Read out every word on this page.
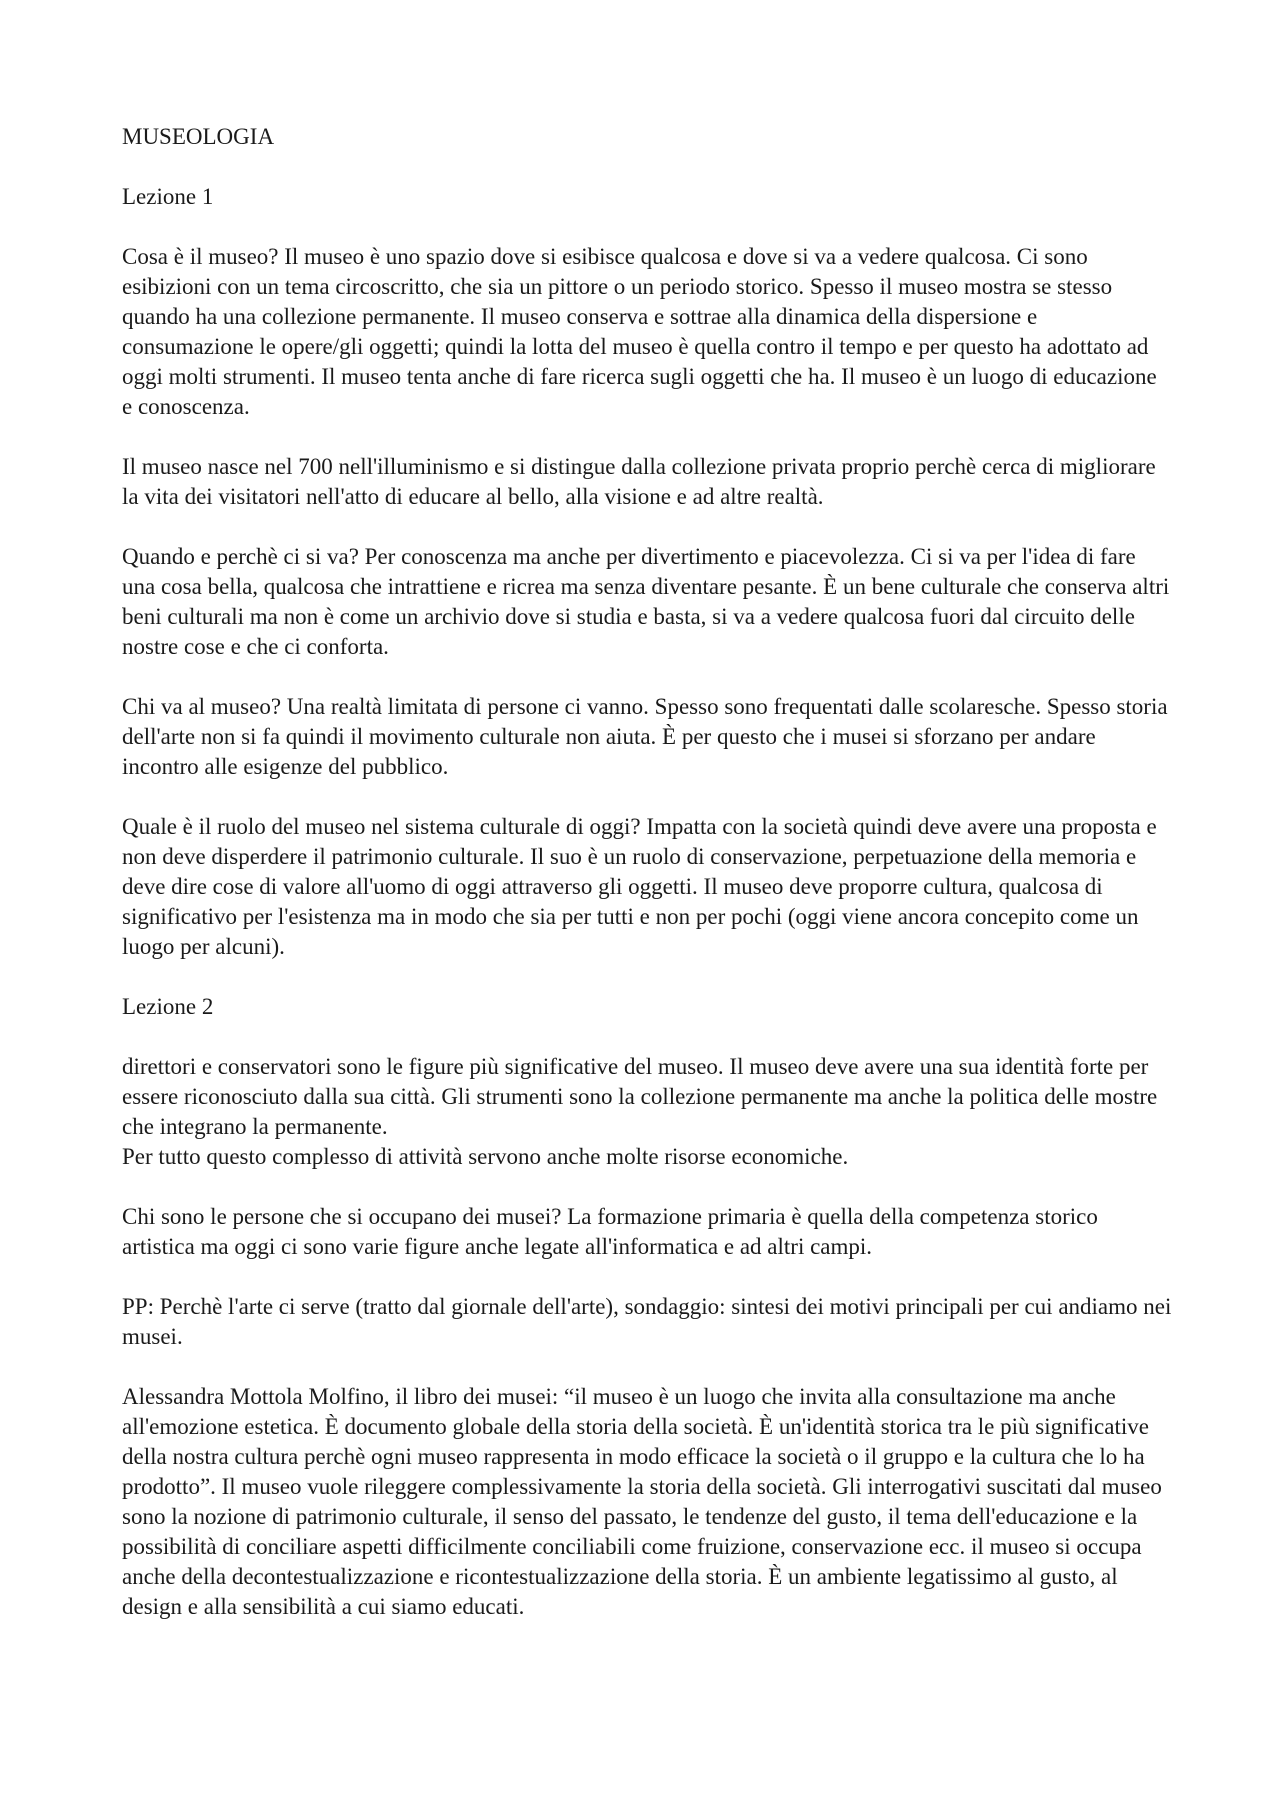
MUSEOLOGIA

Lezione 1

Cosa è il museo? Il museo è uno spazio dove si esibisce qualcosa e dove si va a vedere qualcosa. Ci sono esibizioni con un tema circoscritto, che sia un pittore o un periodo storico. Spesso il museo mostra se stesso quando ha una collezione permanente. Il museo conserva e sottrae alla dinamica della dispersione e consumazione le opere/gli oggetti; quindi la lotta del museo è quella contro il tempo e per questo ha adottato ad oggi molti strumenti. Il museo tenta anche di fare ricerca sugli oggetti che ha. Il museo è un luogo di educazione e conoscenza.

Il museo nasce nel 700 nell'illuminismo e si distingue dalla collezione privata proprio perchè cerca di migliorare la vita dei visitatori nell'atto di educare al bello, alla visione e ad altre realtà.

Quando e perchè ci si va? Per conoscenza ma anche per divertimento e piacevolezza. Ci si va per l'idea di fare una cosa bella, qualcosa che intrattiene e ricrea ma senza diventare pesante. È un bene culturale che conserva altri beni culturali ma non è come un archivio dove si studia e basta, si va a vedere qualcosa fuori dal circuito delle nostre cose e che ci conforta.

Chi va al museo? Una realtà limitata di persone ci vanno. Spesso sono frequentati dalle scolaresche. Spesso storia dell'arte non si fa quindi il movimento culturale non aiuta. È per questo che i musei si sforzano per andare incontro alle esigenze del pubblico.

Quale è il ruolo del museo nel sistema culturale di oggi? Impatta con la società quindi deve avere una proposta e non deve disperdere il patrimonio culturale. Il suo è un ruolo di conservazione, perpetuazione della memoria e deve dire cose di valore all'uomo di oggi attraverso gli oggetti. Il museo deve proporre cultura, qualcosa di significativo per l'esistenza ma in modo che sia per tutti e non per pochi (oggi viene ancora concepito come un luogo per alcuni).

Lezione 2

direttori e conservatori sono le figure più significative del museo. Il museo deve avere una sua identità forte per essere riconosciuto dalla sua città. Gli strumenti sono la collezione permanente ma anche la politica delle mostre che integrano la permanente.

Per tutto questo complesso di attività servono anche molte risorse economiche.

Chi sono le persone che si occupano dei musei? La formazione primaria è quella della competenza storico artistica ma oggi ci sono varie figure anche legate all'informatica e ad altri campi.

PP: Perchè l'arte ci serve (tratto dal giornale dell'arte), sondaggio: sintesi dei motivi principali per cui andiamo nei musei.

Alessandra Mottola Molfino, il libro dei musei: “il museo è un luogo che invita alla consultazione ma anche all'emozione estetica. È documento globale della storia della società. È un'identità storica tra le più significative della nostra cultura perchè ogni museo rappresenta in modo efficace la società o il gruppo e la cultura che lo ha prodotto”. Il museo vuole rileggere complessivamente la storia della società. Gli interrogativi suscitati dal museo sono la nozione di patrimonio culturale, il senso del passato, le tendenze del gusto, il tema dell'educazione e la possibilità di conciliare aspetti difficilmente conciliabili come fruizione, conservazione ecc. il museo si occupa anche della decontestualizzazione e ricontestualizzazione della storia. È un ambiente legatissimo al gusto, al design e alla sensibilità a cui siamo educati.
